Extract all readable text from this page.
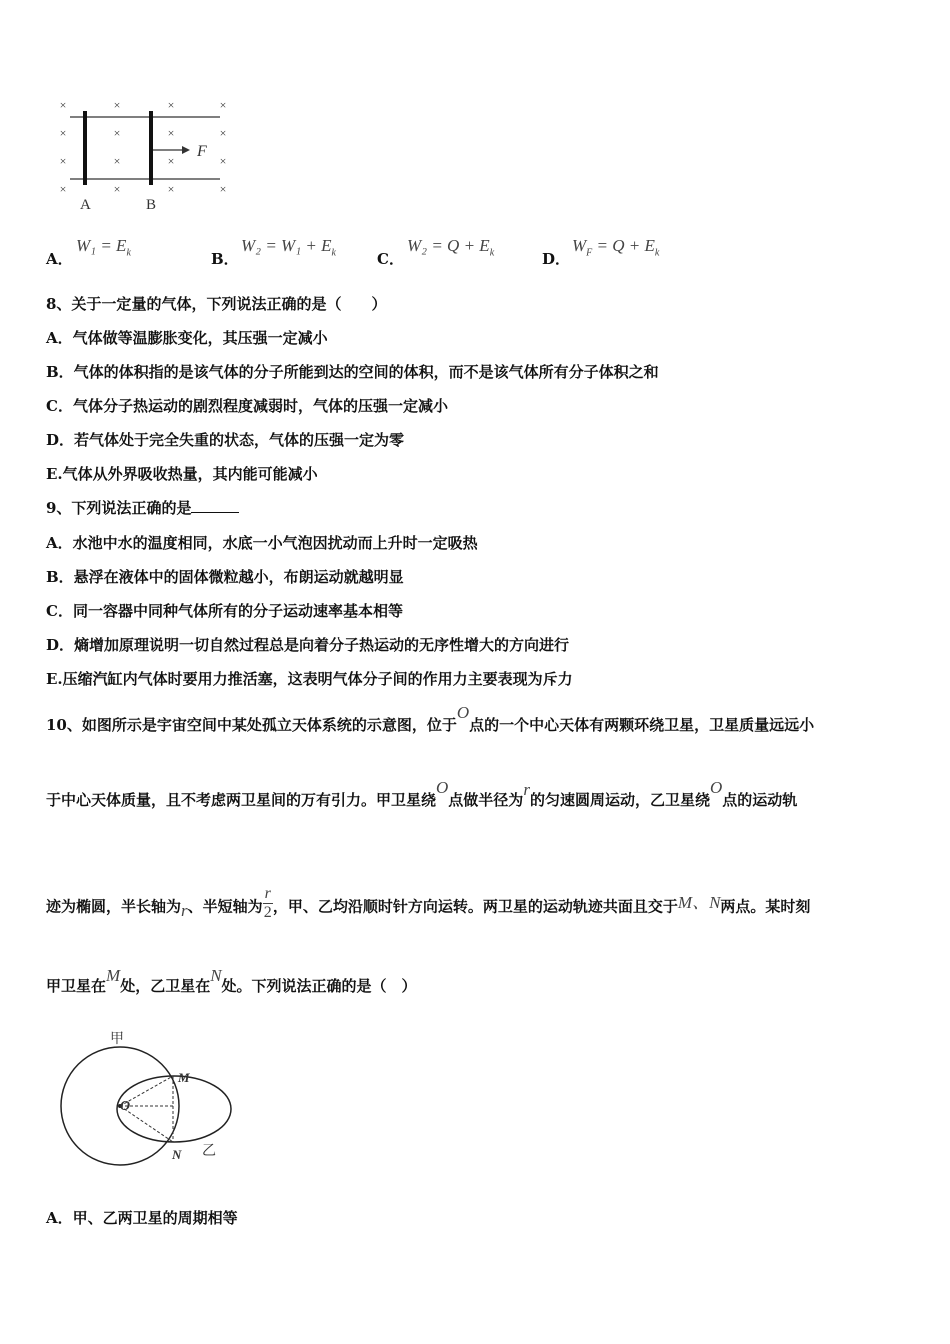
×	×	×	×
×	×	×	×
×	×	×	×
×	×	×	×
F
A	B
A．
$W_1 = E_k$	B．
$W_2 = W_1 + E_k$	C．
$W_2 = Q + E_k$	D．
$W_F = Q + E_k$
8、关于一定量的气体，下列说法正确的是（　　）
A．气体做等温膨胀变化，其压强一定减小
B．气体的体积指的是该气体的分子所能到达的空间的体积，而不是该气体所有分子体积之和
C．气体分子热运动的剧烈程度减弱时，气体的压强一定减小
D．若气体处于完全失重的状态，气体的压强一定为零
E.气体从外界吸收热量，其内能可能减小
9、下列说法正确的是
A．水池中水的温度相同，水底一小气泡因扰动而上升时一定吸热
B．悬浮在液体中的固体微粒越小，布朗运动就越明显
C．同一容器中同种气体所有的分子运动速率基本相等
D．熵增加原理说明一切自然过程总是向着分子热运动的无序性增大的方向进行
E.压缩汽缸内气体时要用力推活塞，这表明气体分子间的作用力主要表现为斥力
10、如图所示是宇宙空间中某处孤立天体系统的示意图，位于O点的一个中心天体有两颗环绕卫星，卫星质量远远小
于中心天体质量，且不考虑两卫星间的万有引力。甲卫星绕O点做半径为r的匀速圆周运动，乙卫星绕O点的运动轨
迹为椭圆，半长轴为r、半短轴为 $\frac{r}{2}$ ，甲、乙均沿顺时针方向运转。两卫星的运动轨迹共面且交于M、N两点。某时刻
甲卫星在M处，乙卫星在N处。下列说法正确的是（　）
甲
乙
O
M
N
A．甲、乙两卫星的周期相等
